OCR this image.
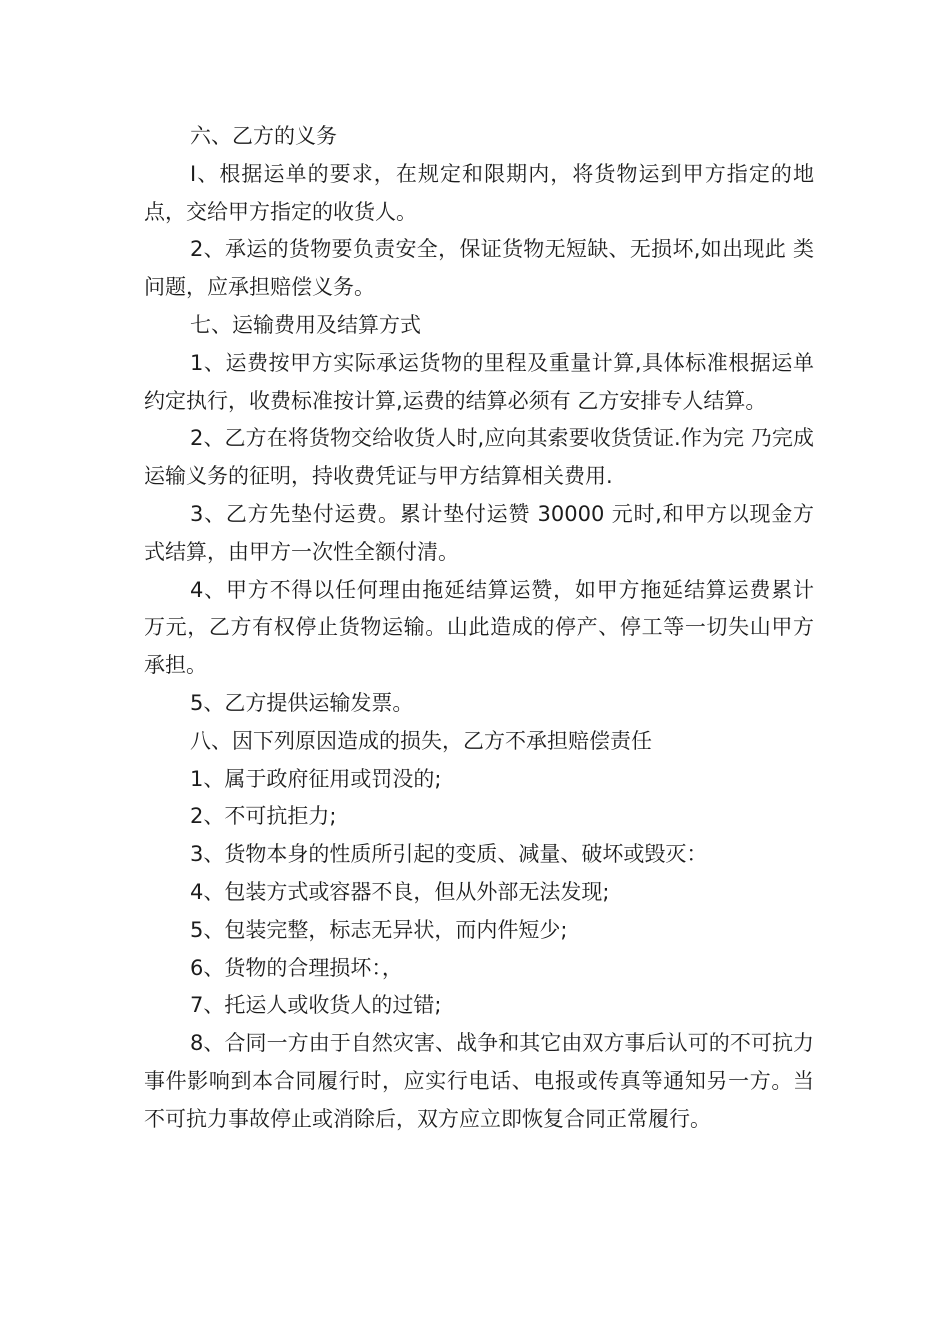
六、乙方的义务

I、根据运单的要求，在规定和限期内，将货物运到甲方指定的地点，交给甲方指定的收货人。

2、承运的货物要负责安全，保证货物无短缺、无损坏,如出现此 类问题，应承担赔偿义务。

七、运输费用及结算方式

1、运费按甲方实际承运货物的里程及重量计算,具体标准根据运单约定执行，收费标准按计算,运费的结算必须有 乙方安排专人结算。

2、乙方在将货物交给收货人时,应向其索要收货赁证.作为完 乃完成运输义务的征明，持收费凭证与甲方结算相关费用.

3、乙方先垫付运费。累计垫付运赞 30000 元时,和甲方以现金方 式结算，由甲方一次性全额付清。

4、甲方不得以任何理由拖延结算运赞，如甲方拖延结算运费累计 万元，乙方有权停止货物运输。山此造成的停产、停工等一切失山甲方承担。

5、乙方提供运输发票。

八、因下列原因造成的损失，乙方不承担赔偿责任

1、属于政府征用或罚没的;

2、不可抗拒力;

3、货物本身的性质所引起的变质、减量、破坏或毁灭：

4、包装方式或容器不良，但从外部无法发现;

5、包装完整，标志无异状，而内件短少;

6、货物的合理损坏：，

7、托运人或收货人的过错;

8、合同一方由于自然灾害、战争和其它由双方事后认可的不可抗力事件影响到本合同履行时，应实行电话、电报或传真等通知另一方。当不可抗力事故停止或消除后，双方应立即恢复合同正常履行。
